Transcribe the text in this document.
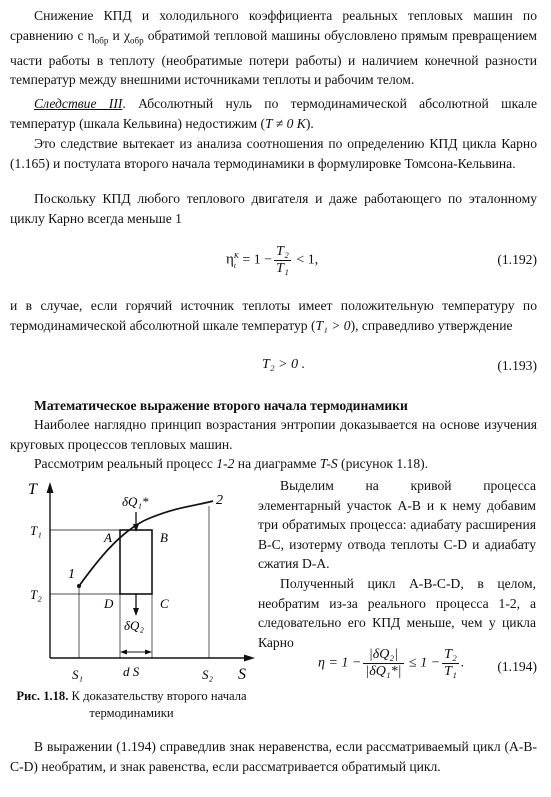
Снижение КПД и холодильного коэффициента реальных тепловых машин по сравнению с $\eta_{обр}$ и $\chi_{обр}$ обратимой тепловой машины обусловлено прямым превращением части работы в теплоту (необратимые потери работы) и наличием конечной разности температур между внешними источниками теплоты и рабочим телом.

Следствие III. Абсолютный нуль по термодинамической абсолютной шкале температур (шкала Кельвина) недостижим (T ≠ 0 K).

Это следствие вытекает из анализа соотношения по определению КПД цикла Карно (1.165) и постулата второго начала термодинамики в формулировке Томсона-Кельвина.

Поскольку КПД любого теплового двигателя и даже работающего по эталонному циклу Карно всегда меньше 1

η K
$t = 1 - \frac{\text{T₂}}{\text{T₁}} < 1$,	(1.192)

и в случае, если горячий источник теплоты имеет положительную температуру по термодинамической абсолютной шкале температур (T₁ > 0), справедливо утверждение

T₂ > 0 .	(1.193)
Математическое выражение второго начала термодинамики

Наиболее наглядно принцип возрастания энтропии доказывается на основе изучения круговых процессов тепловых машин.

Рассмотрим реальный процесс 1-2 на диаграмме T-S (рисунок 1.18).
T
S
T₁
T₂
S₁	S₂
d S
1
2
A	B
C
D
δQ₁*
δQ₂

Выделим на кривой процесса элементарный участок A-B и к нему добавим три обратимых процесса: адиабату расширения B-C, изотерму отвода теплоты C-D и адиабату сжатия D-A.

Полученный цикл A-B-C-D, в целом, необратим из-за реального процесса 1-2, а следовательно его КПД меньше, чем у цикла Карно

$\eta = 1 - \frac{\text{|δQ₂|}}{\text{|δQ₁*|}} \le 1 - \frac{\text{T₂}}{\text{T₁}}$ . (1.194)
Рис. 1.18. К доказательству второго начала термодинамики

В выражении (1.194) справедлив знак неравенства, если рассматриваемый цикл (A-B-C-D) необратим, и знак равенства, если рассматривается обратимый цикл.
